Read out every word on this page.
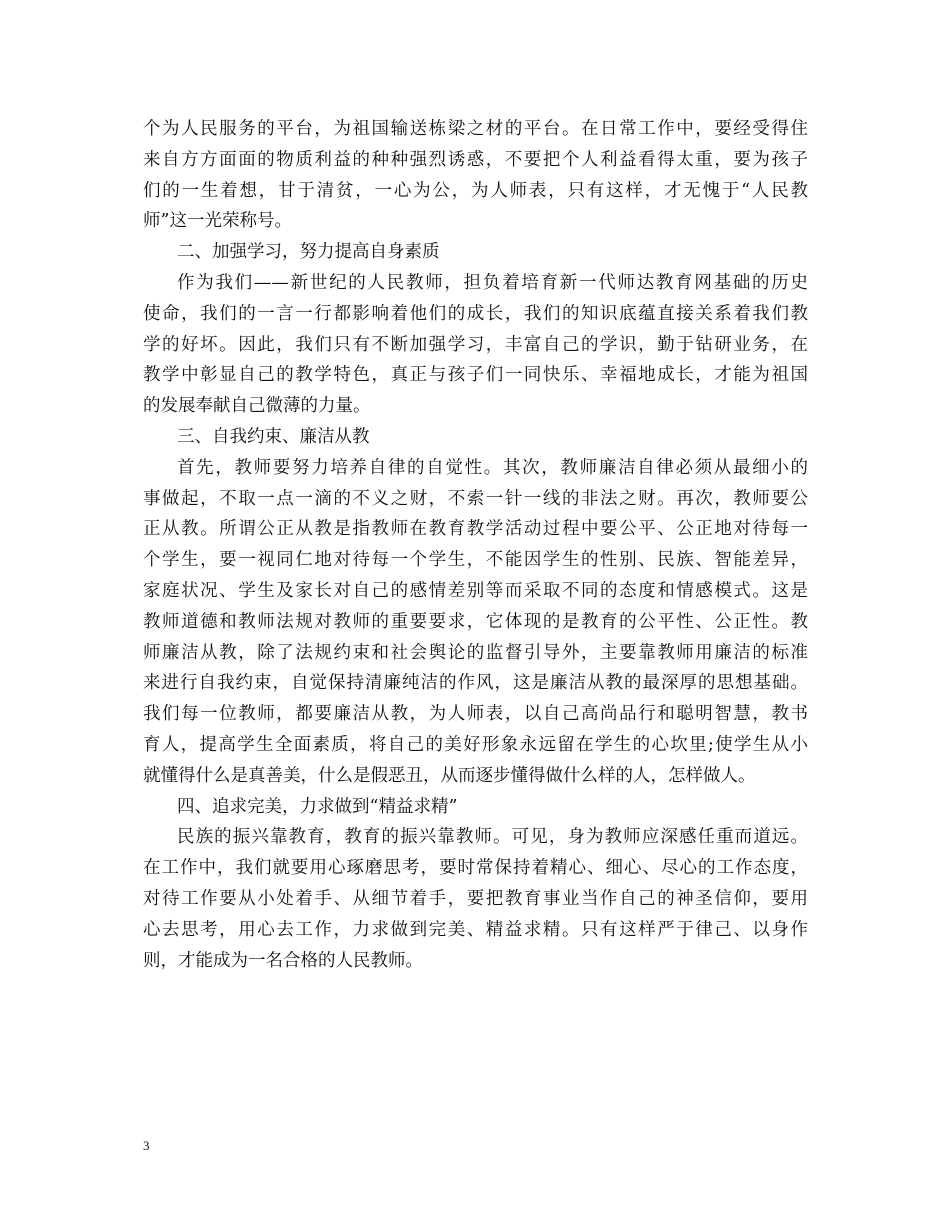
个为人民服务的平台，为祖国输送栋梁之材的平台。在日常工作中，要经受得住
来自方方面面的物质利益的种种强烈诱惑，不要把个人利益看得太重，要为孩子
们的一生着想，甘于清贫，一心为公，为人师表，只有这样，才无愧于“人民教
师”这一光荣称号。
二、加强学习，努力提高自身素质
作为我们——新世纪的人民教师，担负着培育新一代师达教育网基础的历史
使命，我们的一言一行都影响着他们的成长，我们的知识底蕴直接关系着我们教
学的好坏。因此，我们只有不断加强学习，丰富自己的学识，勤于钻研业务，在
教学中彰显自己的教学特色，真正与孩子们一同快乐、幸福地成长，才能为祖国
的发展奉献自己微薄的力量。
三、自我约束、廉洁从教
首先，教师要努力培养自律的自觉性。其次，教师廉洁自律必须从最细小的
事做起，不取一点一滴的不义之财，不索一针一线的非法之财。再次，教师要公
正从教。所谓公正从教是指教师在教育教学活动过程中要公平、公正地对待每一
个学生，要一视同仁地对待每一个学生，不能因学生的性别、民族、智能差异，
家庭状况、学生及家长对自己的感情差别等而采取不同的态度和情感模式。这是
教师道德和教师法规对教师的重要要求，它体现的是教育的公平性、公正性。教
师廉洁从教，除了法规约束和社会舆论的监督引导外，主要靠教师用廉洁的标准
来进行自我约束，自觉保持清廉纯洁的作风，这是廉洁从教的最深厚的思想基础。
我们每一位教师，都要廉洁从教，为人师表，以自己高尚品行和聪明智慧，教书
育人，提高学生全面素质，将自己的美好形象永远留在学生的心坎里;使学生从小
就懂得什么是真善美，什么是假恶丑，从而逐步懂得做什么样的人，怎样做人。
四、追求完美，力求做到“精益求精”
民族的振兴靠教育，教育的振兴靠教师。可见，身为教师应深感任重而道远。
在工作中，我们就要用心琢磨思考，要时常保持着精心、细心、尽心的工作态度，
对待工作要从小处着手、从细节着手，要把教育事业当作自己的神圣信仰，要用
心去思考，用心去工作，力求做到完美、精益求精。只有这样严于律己、以身作
则，才能成为一名合格的人民教师。
3
